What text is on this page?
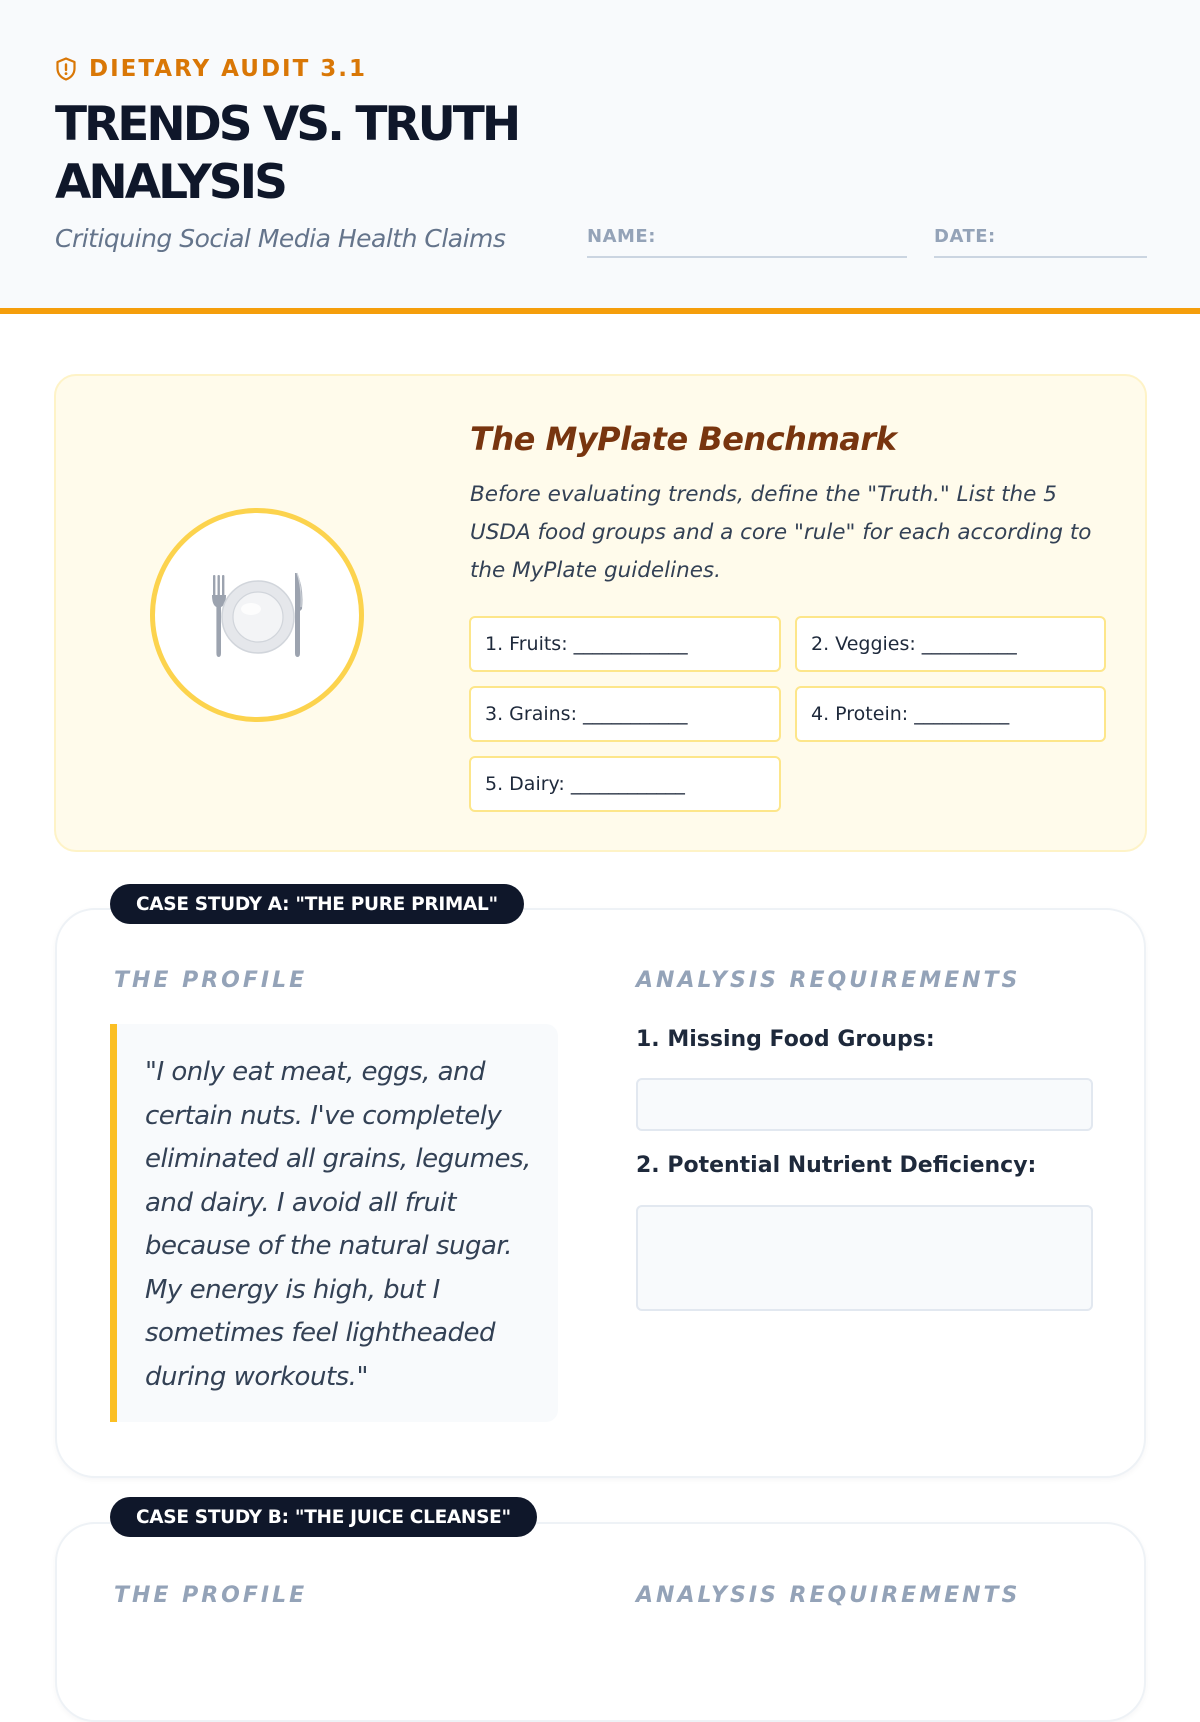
DIETARY AUDIT 3.1
TRENDS VS. TRUTH
ANALYSIS
Critiquing Social Media Health Claims	NAME:	DATE:
The MyPlate Benchmark

Before evaluating trends, define the "Truth." List the 5 USDA food groups and a core "rule" for each according to the MyPlate guidelines.

1. Fruits: ____________	2. Veggies: __________
3. Grains: ___________	4. Protein: __________
5. Dairy: ____________
CASE STUDY A: "THE PURE PRIMAL"
THE PROFILE	ANALYSIS REQUIREMENTS
"I only eat meat, eggs, and certain nuts. I've completely eliminated all grains, legumes, and dairy. I avoid all fruit because of the natural sugar. My energy is high, but I sometimes feel lightheaded during workouts."
1. Missing Food Groups:
2. Potential Nutrient Deficiency:
CASE STUDY B: "THE JUICE CLEANSE"
THE PROFILE	ANALYSIS REQUIREMENTS
